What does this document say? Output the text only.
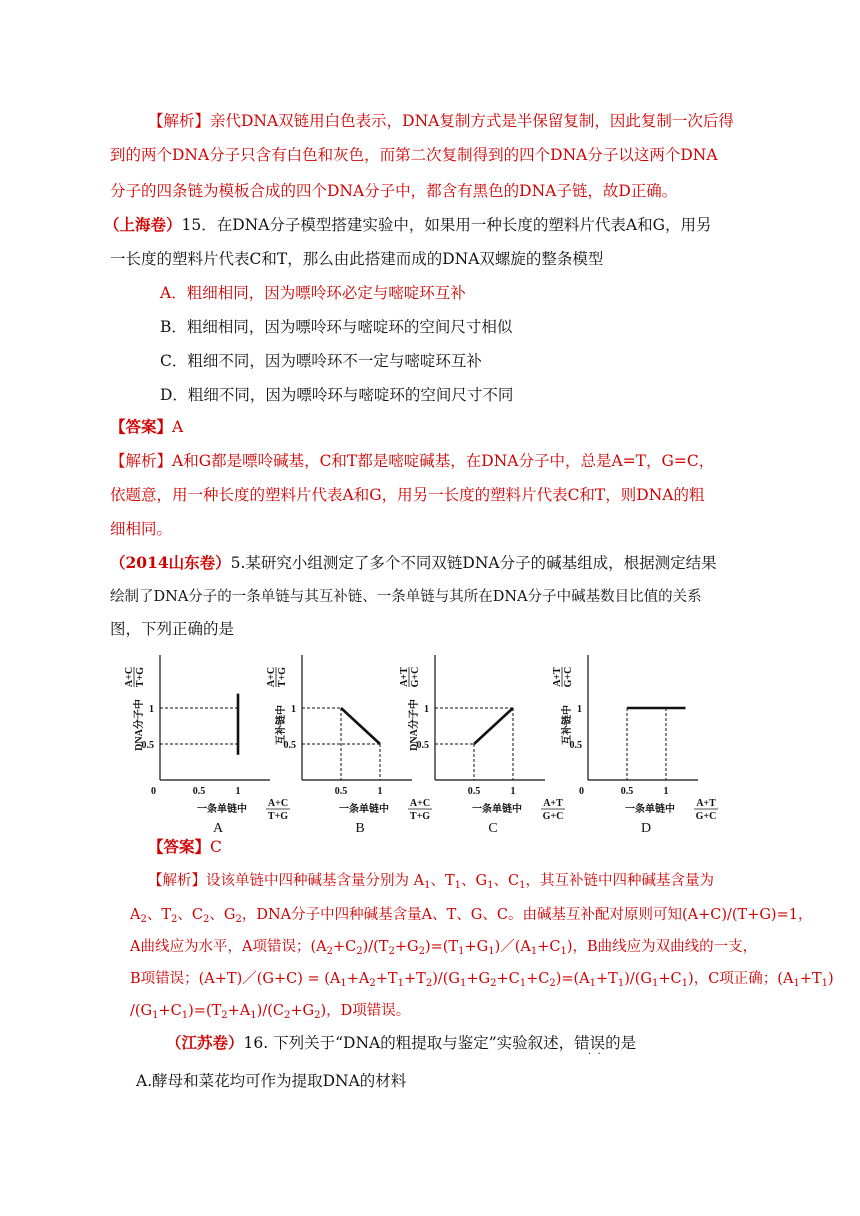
【解析】亲代DNA双链用白色表示，DNA复制方式是半保留复制，因此复制一次后得
到的两个DNA分子只含有白色和灰色，而第二次复制得到的四个DNA分子以这两个DNA
分子的四条链为模板合成的四个DNA分子中，都含有黑色的DNA子链，故D正确。
（上海卷）15．在DNA分子模型搭建实验中，如果用一种长度的塑料片代表A和G，用另
一长度的塑料片代表C和T，那么由此搭建而成的DNA双螺旋的整条模型
A．粗细相同，因为嘌呤环必定与嘧啶环互补
B．粗细相同，因为嘌呤环与嘧啶环的空间尺寸相似
C．粗细不同，因为嘌呤环不一定与嘧啶环互补
D．粗细不同，因为嘌呤环与嘧啶环的空间尺寸不同
【答案】A
【解析】A和G都是嘌呤碱基，C和T都是嘧啶碱基，在DNA分子中，总是A=T，G=C，
依题意，用一种长度的塑料片代表A和G，用另一长度的塑料片代表C和T，则DNA的粗
细相同。
（2014山东卷）5.某研究小组测定了多个不同双链DNA分子的碱基组成，根据测定结果
绘制了DNA分子的一条单链与其互补链、一条单链与其所在DNA分子中碱基数目比值的关系
图，下列正确的是
A+C T+G
DNA分子中 1
0.5
0	0.5	1
一条单链中
A+C
T+G
A
A+C T+G
互补链中 1
0.5
0.5	1
一条单链中
A+C
T+G
B
A+T G+C
DNA分子中 1
0.5
0.5	1
一条单链中
A+T
G+C
C
A+T G+C
互补链中 1
0.5
0	0.5	1
一条单链中
A+T
G+C
D
【答案】C
【解析】设该单链中四种碱基含量分别为 $A_1$、$T_1$、$G_1$、$C_1$，其互补链中四种碱基含量为
$A_2$、$T_2$、$C_2$、$G_2$，DNA分子中四种碱基含量A、T、G、C。由碱基互补配对原则可知(A+C)/(T+G)=1，
A曲线应为水平，A项错误；$(A_2+C_2)/(T_2+G_2)=(T_1+G_1)/(A_1+C_1)$，B曲线应为双曲线的一支，
B项错误；(A+T)／(G+C) = $(A_1+A_2+T_1+T_2)/(G_1+G_2+C_1+C_2)=(A_1+T_1)/(G_1+C_1)$，C项正确；$(A_1+T_1)$
$/(G_1+C_1)=(T_2+A_1)/(C_2+G_2)$，D项错误。
（江苏卷）16. 下列关于“DNA的粗提取与鉴定”实验叙述，错误的是
·  ·
A.酵母和菜花均可作为提取DNA的材料
